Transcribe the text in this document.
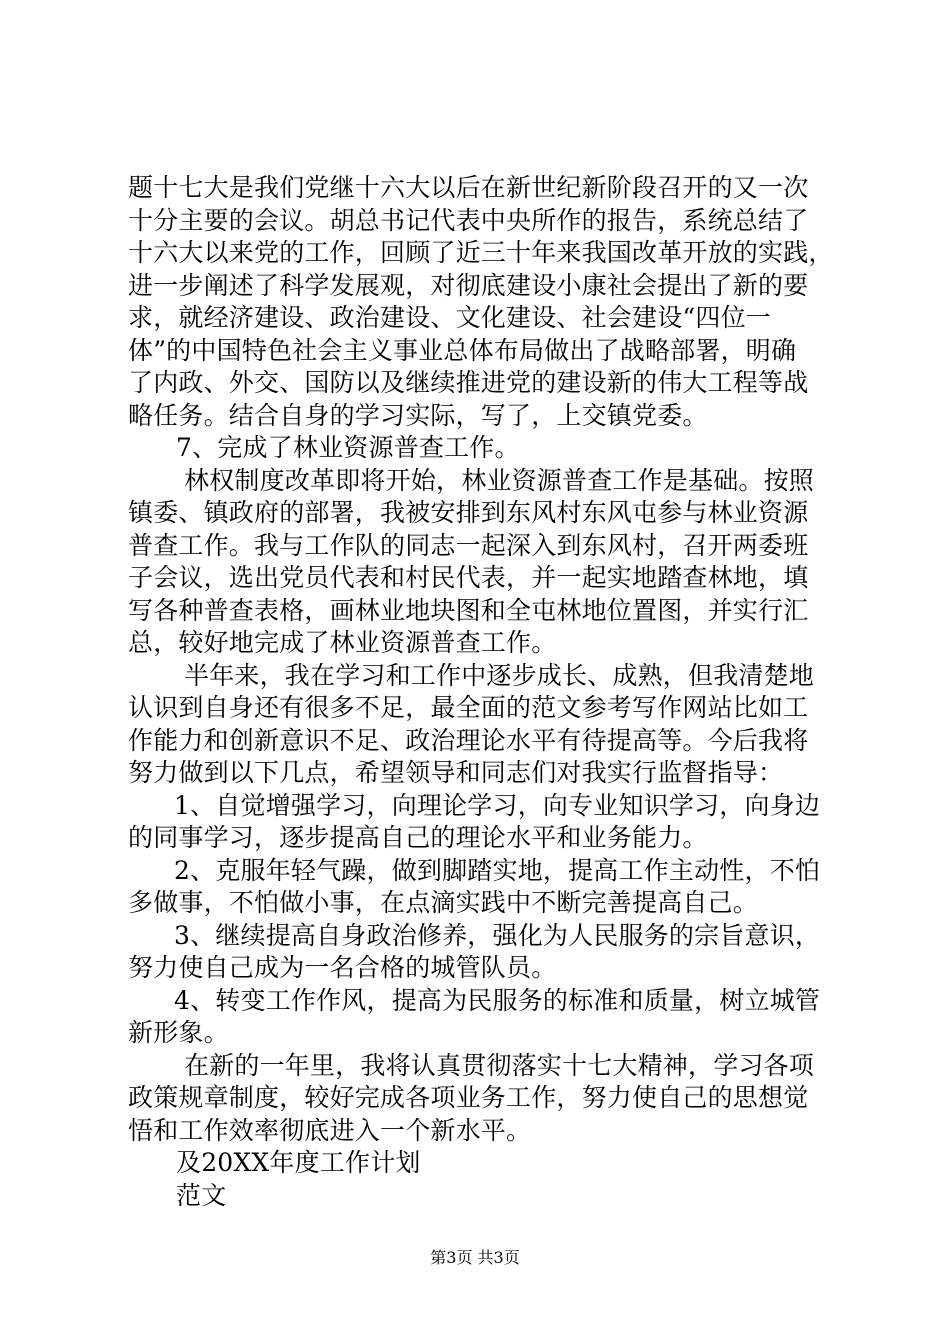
题十七大是我们党继十六大以后在新世纪新阶段召开的又一次
十分主要的会议。胡总书记代表中央所作的报告，系统总结了
十六大以来党的工作，回顾了近三十年来我国改革开放的实践，
进一步阐述了科学发展观，对彻底建设小康社会提出了新的要
求，就经济建设、政治建设、文化建设、社会建设“四位一
体”的中国特色社会主义事业总体布局做出了战略部署，明确
了内政、外交、国防以及继续推进党的建设新的伟大工程等战
略任务。结合自身的学习实际，写了，上交镇党委。
7、完成了林业资源普查工作。
林权制度改革即将开始，林业资源普查工作是基础。按照
镇委、镇政府的部署，我被安排到东风村东风屯参与林业资源
普查工作。我与工作队的同志一起深入到东风村，召开两委班
子会议，选出党员代表和村民代表，并一起实地踏查林地，填
写各种普查表格，画林业地块图和全屯林地位置图，并实行汇
总，较好地完成了林业资源普查工作。
半年来，我在学习和工作中逐步成长、成熟，但我清楚地
认识到自身还有很多不足，最全面的范文参考写作网站比如工
作能力和创新意识不足、政治理论水平有待提高等。今后我将
努力做到以下几点，希望领导和同志们对我实行监督指导：
1、自觉增强学习，向理论学习，向专业知识学习，向身边
的同事学习，逐步提高自己的理论水平和业务能力。
2、克服年轻气躁，做到脚踏实地，提高工作主动性，不怕
多做事，不怕做小事，在点滴实践中不断完善提高自己。
3、继续提高自身政治修养，强化为人民服务的宗旨意识，
努力使自己成为一名合格的城管队员。
4、转变工作作风，提高为民服务的标准和质量，树立城管
新形象。
在新的一年里，我将认真贯彻落实十七大精神，学习各项
政策规章制度，较好完成各项业务工作，努力使自己的思想觉
悟和工作效率彻底进入一个新水平。
及20XX年度工作计划
范文
第3页 共3页
